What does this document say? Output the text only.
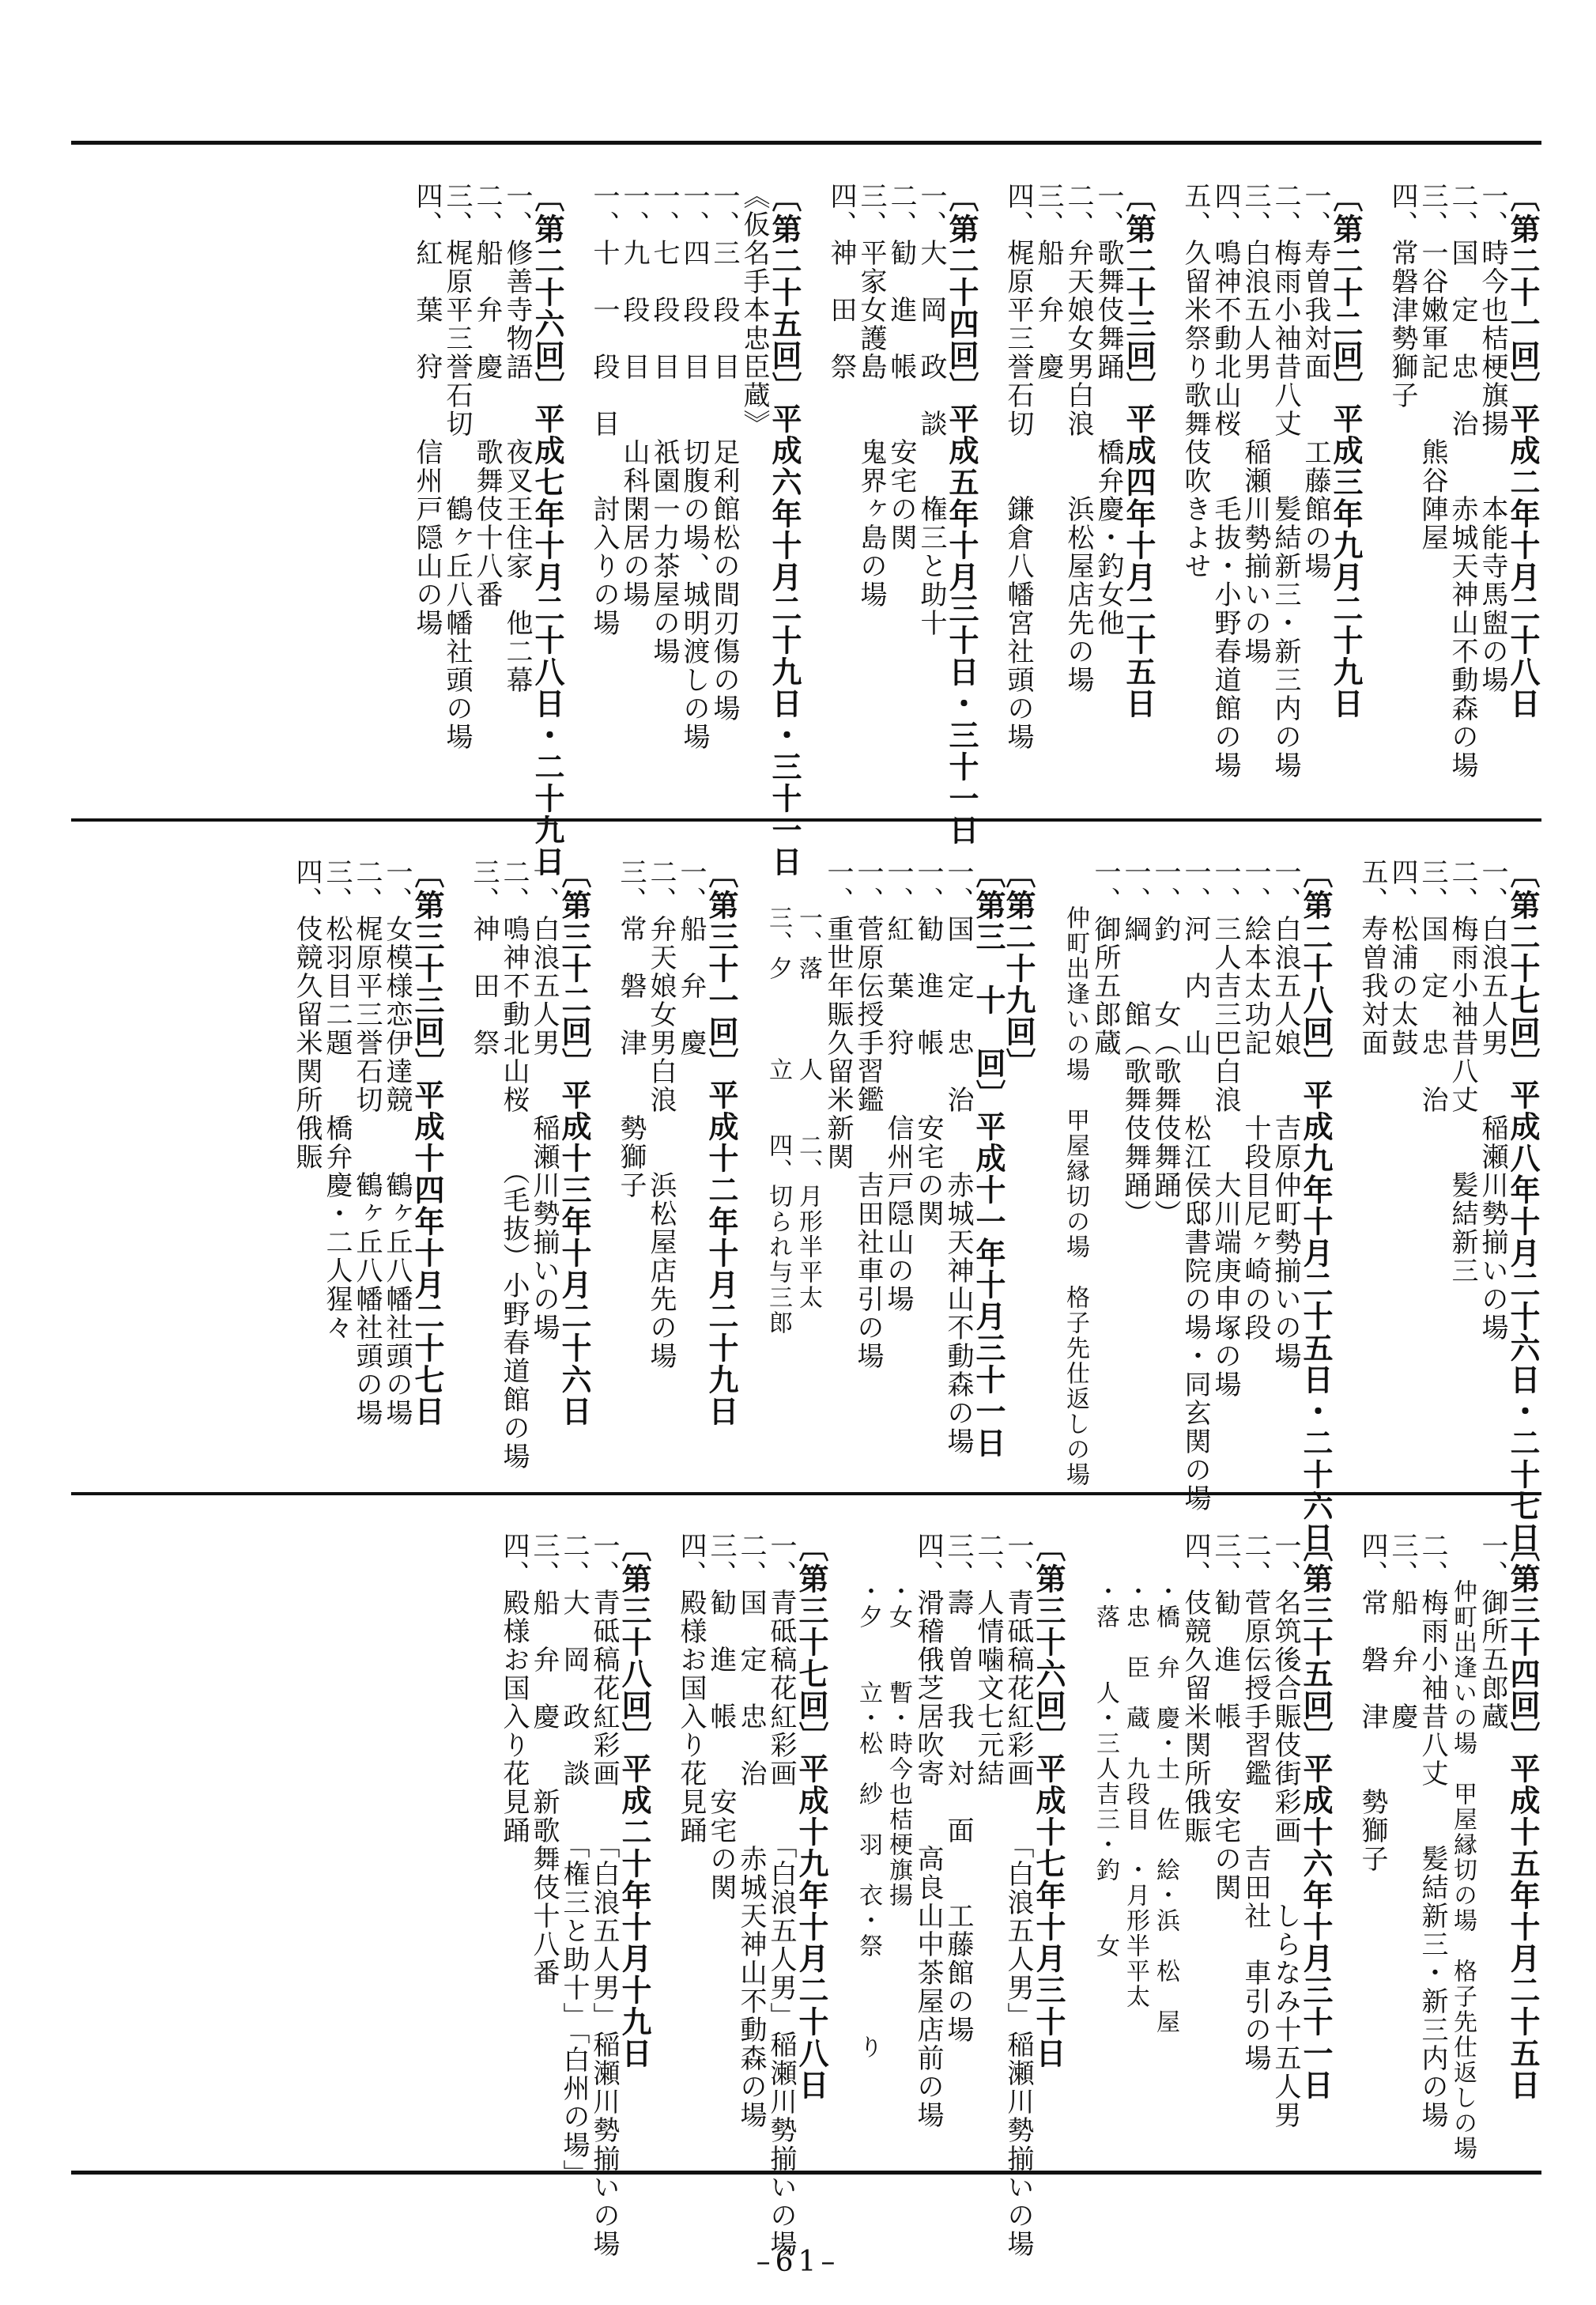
〔第二十一回〕平成二年十月二十八日
一、時今也桔梗旗揚　　本能寺馬盥の場
二、国　定　忠　治　　赤城天神山不動森の場
三、一谷嫩軍記　　熊谷陣屋
四、常磐津勢獅子
〔第二十二回〕平成三年九月二十九日
一、寿曽我対面　　工藤館の場
二、梅雨小袖昔八丈　　髪結新三・新三内の場
三、白浪五人男　　稲瀬川勢揃いの場
四、鳴神不動北山桜　　毛抜・小野春道館の場
五、久留米祭り歌舞伎吹きよせ
〔第二十三回〕平成四年十月二十五日
一、歌舞伎舞踊　　橋弁慶・釣女他
二、弁天娘女男白浪　　浜松屋店先の場
三、船　弁　慶
四、梶原平三誉石切　　鎌倉八幡宮社頭の場
〔第二十四回〕平成五年十月三十日・三十一日
一、大　岡　政　談　　権三と助十
二、勧　進　帳　　安宅の関
三、平家女護島　　鬼界ヶ島の場
四、神　田　祭
〔第二十五回〕平成六年十月二十九日・三十一日
《仮名手本忠臣蔵》
一、三　段　目　　足利館松の間刃傷の場
一、四　段　目　　切腹の場、城明渡しの場
一、七　段　目　　祇園一力茶屋の場
一、九　段　目　　山科閑居の場
一、十　一　段　目　　討入りの場
〔第二十六回〕平成七年十月二十八日・二十九日
一、修善寺物語　　夜叉王住家　他二幕
二、船　弁　慶　　歌舞伎十八番
三、梶原平三誉石切　　鶴ヶ丘八幡社頭の場
四、紅　葉　狩　　信州戸隠山の場
〔第二十七回〕平成八年十月二十六日・二十七日
一、白浪五人男　　稲瀬川勢揃いの場
二、梅雨小袖昔八丈　　髪結新三
三、国　定　忠　治
四、松浦の太鼓
五、寿曽我対面
〔第二十八回〕平成九年十月二十五日・二十六日
一、白浪五人娘　　吉原仲町勢揃いの場
一、絵本太功記　　十段目尼ヶ崎の段
一、三人吉三巴白浪　　大川端庚申塚の場
一、河　内　山　　松江侯邸書院の場・同玄関の場
一、釣　　女（歌舞伎舞踊）
一、綱　　館（歌舞伎舞踊）
一、御所五郎蔵
仲町出逢いの場　甲屋縁切の場　格子先仕返しの場
〔第二十九回〕
〔第三　十　回〕平成十一年十月三十一日
一、国　定　忠　治　　赤城天神山不動森の場
一、勧　進　帳　　安宅の関
一、紅　葉　狩　　信州戸隠山の場
一、菅原伝授手習鑑　　吉田社車引の場
一、重世年賑久留米新関
一、落　　　人　　二、月形半平太
三、夕　　　立　　四、切られ与三郎
〔第三十一回〕平成十二年十月二十九日
一、船　弁　慶
二、弁天娘女男白浪　　浜松屋店先の場
三、常　磐　津　　勢獅子
〔第三十二回〕平成十三年十月二十六日
一、白浪五人男　　稲瀬川勢揃いの場
二、鳴神不動北山桜　　（毛抜）小野春道館の場
三、神　田　祭
〔第三十三回〕平成十四年十月二十七日
一、女模様恋伊達競　　鶴ヶ丘八幡社頭の場
二、梶原平三誉石切　　鶴ヶ丘八幡社頭の場
三、松羽目二題　　橋弁慶・二人猩々
四、伎競久留米関所俄賑
〔第三十四回〕平成十五年十月二十五日
一、御所五郎蔵
仲町出逢いの場　甲屋縁切の場　格子先仕返しの場
二、梅雨小袖昔八丈　　髪結新三・新三内の場
三、船　弁　慶
四、常　磐　津　　勢獅子
〔第三十五回〕平成十六年十月三十一日
一、名筑後合賑伎街彩画　　しらなみ十五人男
二、菅原伝授手習鑑　　吉田社　車引の場
三、勧　進　帳　　安宅の関
四、伎競久留米関所俄賑
・橋　弁　慶・土　佐　絵・浜　松　屋
・忠　臣　蔵　九段目　・月形半平太
・落　　人・三人吉三・釣　　女
〔第三十六回〕平成十七年十月三十日
一、青砥稿花紅彩画　　「白浪五人男」稲瀬川勢揃いの場
二、人情噛文七元結
三、壽　曽　我　対　面　　工藤館の場
四、滑稽俄芝居吹寄　　高良山中茶屋店前の場
・女　　暫・時今也桔梗旗揚
・夕　　立・松　紗　羽　衣・祭　　　り
〔第三十七回〕平成十九年十月二十八日
一、青砥稿花紅彩画　　「白浪五人男」稲瀬川勢揃いの場
二、国　定　忠　治　　赤城天神山不動森の場
三、勧　進　帳　　安宅の関
四、殿様お国入り花見踊
〔第三十八回〕平成二十年十月十九日
一、青砥稿花紅彩画　　「白浪五人男」稲瀬川勢揃いの場
二、大　岡　政　談　　「権三と助十」「白州の場」
三、船　弁　慶　　新歌舞伎十八番
四、殿様お国入り花見踊
–61–
